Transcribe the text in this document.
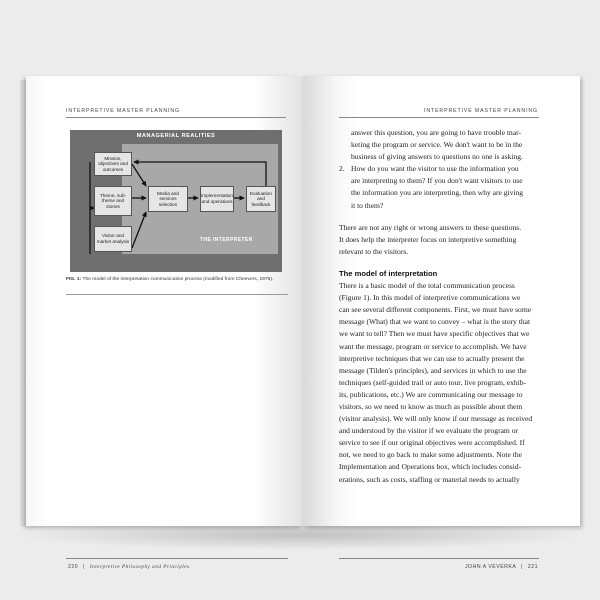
INTERPRETIVE MASTER PLANNING
MANAGERIAL REALITIES
THE INTERPRETER
Mission, objectives and outcomes
Theme, sub-theme and stories
Visitor and market analysis
Media and services selection
Implementation and operations
Evaluation and feedback
FIG. 1: The model of the interpretation communication process (modified from Cheevers, 1976).
220 | Interpretive Philosophy and Principles
INTERPRETIVE MASTER PLANNING

answer this question, you are going to have trouble mar-

keting the program or service. We don't want to be in the

business of giving answers to questions no one is asking.

2. How do you want the visitor to use the information you

are interpreting to them? If you don't want visitors to use

the information you are interpreting, then why are giving

it to them?

There are not any right or wrong answers to these questions.

It does help the interpreter focus on interpretive something

relevant to the visitors.

The model of interpretation

There is a basic model of the total communication process

(Figure 1). In this model of interpretive communications we

can see several different components. First, we must have some

message (What) that we want to convey – what is the story that

we want to tell? Then we must have specific objectives that we

want the message, program or service to accomplish. We have

interpretive techniques that we can use to actually present the

message (Tilden's principles), and services in which to use the

techniques (self-guided trail or auto tour, live program, exhib-

its, publications, etc.) We are communicating our message to

visitors, so we need to know as much as possible about them

(visitor analysis). We will only know if our message as received

and understood by the visitor if we evaluate the program or

service to see if our original objectives were accomplished. If

not, we need to go back to make some adjustments. Note the

Implementation and Operations box, which includes consid-

erations, such as costs, staffing or material needs to actually

JOHN A VEVERKA | 221
